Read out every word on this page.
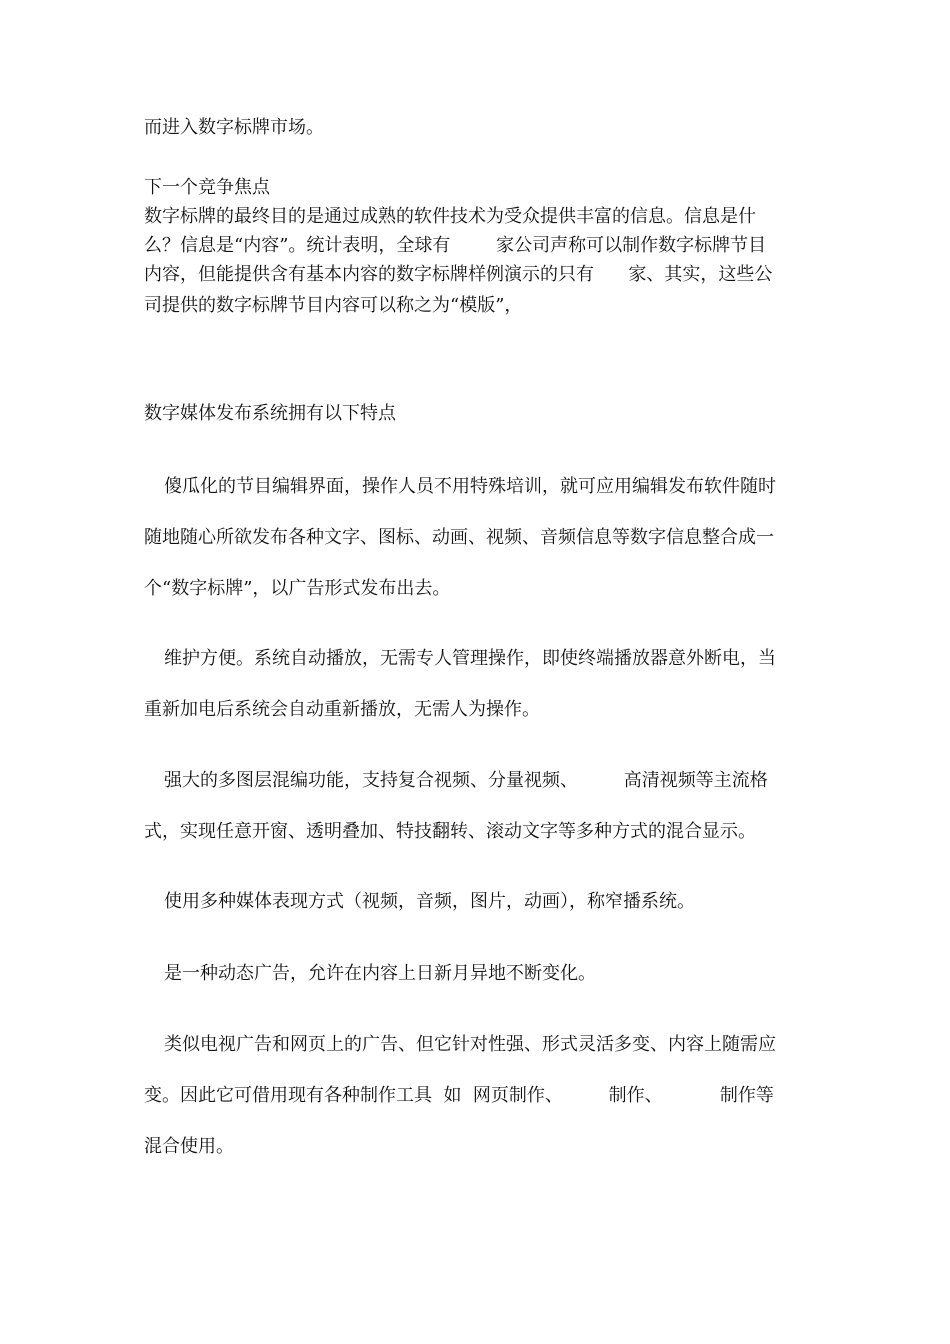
而进入数字标牌市场。
下一个竞争焦点
数字标牌的最终目的是通过成熟的软件技术为受众提供丰富的信息。信息是什
么？信息是“内容”。统计表明，全球有        家公司声称可以制作数字标牌节目
内容，但能提供含有基本内容的数字标牌样例演示的只有      家、其实，这些公
司提供的数字标牌节目内容可以称之为“模版”，
数字媒体发布系统拥有以下特点
傻瓜化的节目编辑界面，操作人员不用特殊培训，就可应用编辑发布软件随时
随地随心所欲发布各种文字、图标、动画、视频、音频信息等数字信息整合成一
个“数字标牌”，以广告形式发布出去。
维护方便。系统自动播放，无需专人管理操作，即使终端播放器意外断电，当
重新加电后系统会自动重新播放，无需人为操作。
强大的多图层混编功能，支持复合视频、分量视频、        高清视频等主流格
式，实现任意开窗、透明叠加、特技翻转、滚动文字等多种方式的混合显示。
使用多种媒体表现方式（视频，音频，图片，动画），称窄播系统。
是一种动态广告，允许在内容上日新月异地不断变化。
类似电视广告和网页上的广告、但它针对性强、形式灵活多变、内容上随需应
变。因此它可借用现有各种制作工具  如  网页制作、        制作、          制作等
混合使用。
